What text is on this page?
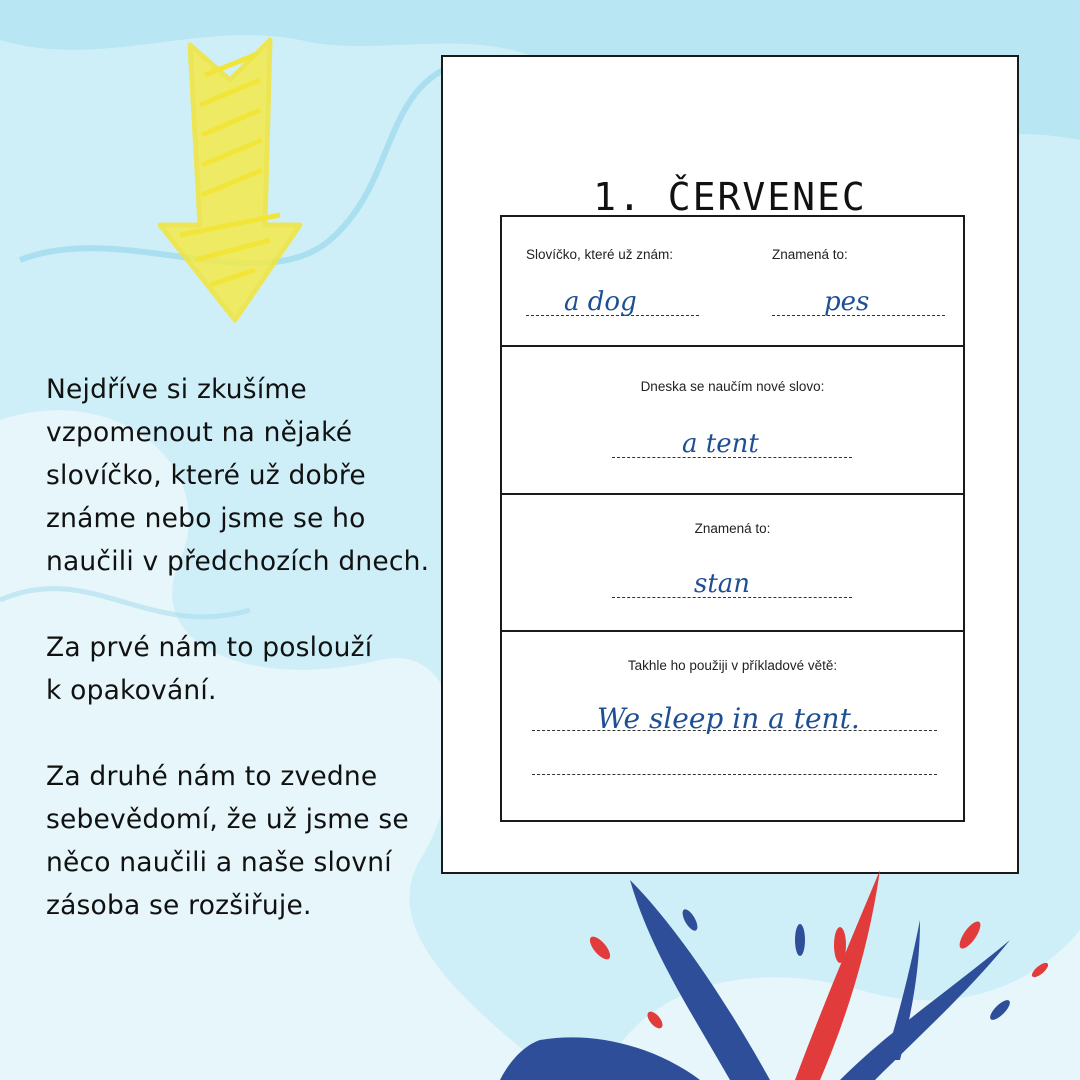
Nejdříve si zkušíme
vzpomenout na nějaké
slovíčko, které už dobře
známe nebo jsme se ho
naučili v předchozích dnech.

Za prvé nám to poslouží
k opakování.

Za druhé nám to zvedne
sebevědomí, že už jsme se
něco naučili a naše slovní
zásoba se rozšiřuje.

1. ČERVENEC
Slovíčko, které už znám:	Znamená to:
a dog	pes
Dneska se naučím nové slovo:
a tent
Znamená to:
stan
Takhle ho použiji v příkladové větě:
We sleep in a tent.
